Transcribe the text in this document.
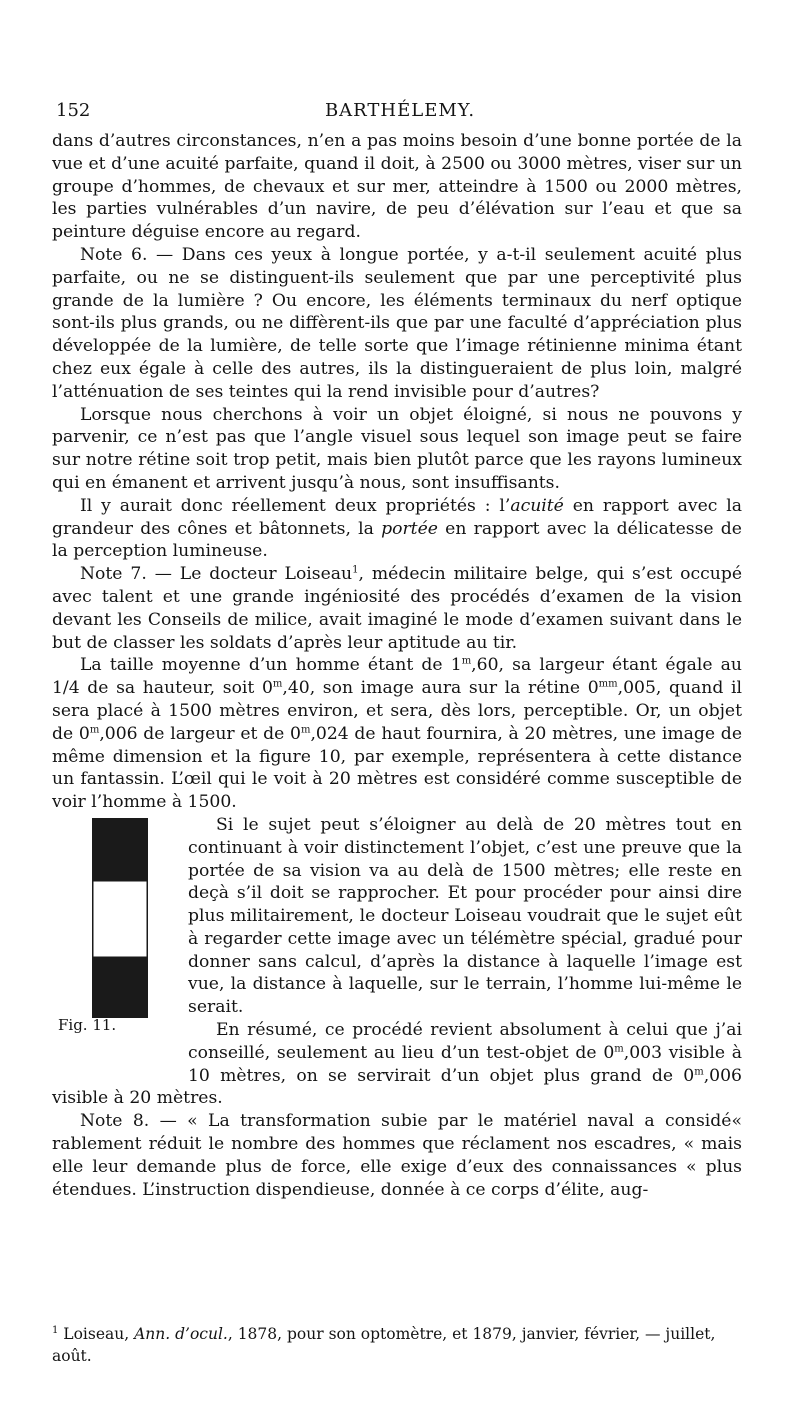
152	BARTHÉLEMY.

dans d’autres circonstances, n’en a pas moins besoin d’une bonne portée de la vue et d’une acuité parfaite, quand il doit, à 2500 ou 3000 mètres, viser sur un groupe d’hommes, de chevaux et sur mer, atteindre à 1500 ou 2000 mètres, les parties vulnérables d’un navire, de peu d’élévation sur l’eau et que sa peinture déguise encore au regard.

Note 6. — Dans ces yeux à longue portée, y a-t-il seulement acuité plus parfaite, ou ne se distinguent-ils seulement que par une perceptivité plus grande de la lumière ? Ou encore, les éléments terminaux du nerf optique sont-ils plus grands, ou ne diffèrent-ils que par une faculté d’appréciation plus développée de la lumière, de telle sorte que l’image rétinienne minima étant chez eux égale à celle des autres, ils la distingueraient de plus loin, malgré l’atténuation de ses teintes qui la rend invisible pour d’autres?

Lorsque nous cherchons à voir un objet éloigné, si nous ne pouvons y parvenir, ce n’est pas que l’angle visuel sous lequel son image peut se faire sur notre rétine soit trop petit, mais bien plutôt parce que les rayons lumineux qui en émanent et arrivent jusqu’à nous, sont insuffisants.

Il y aurait donc réellement deux propriétés : l’acuité en rapport avec la grandeur des cônes et bâtonnets, la portée en rapport avec la délicatesse de la perception lumineuse.

Note 7. — Le docteur Loiseau$^1$, médecin militaire belge, qui s’est occupé avec talent et une grande ingéniosité des procédés d’examen de la vision devant les Conseils de milice, avait imaginé le mode d’examen suivant dans le but de classer les soldats d’après leur aptitude au tir.

La taille moyenne d’un homme étant de 1$^m$,60, sa largeur étant égale au 1/4 de sa hauteur, soit 0$^m$,40, son image aura sur la rétine $0^{mm},005$, quand il sera placé à 1500 mètres environ, et sera, dès lors, perceptible. Or, un objet de 0$^m$,006 de largeur et de 0$^m$,024 de haut fournira, à 20 mètres, une image de même dimension et la figure 10, par exemple, représentera à cette distance un fantassin. L’œil qui le voit à 20 mètres est considéré comme susceptible de voir l’homme à 1500.

Fig. 11.

Si le sujet peut s’éloigner au delà de 20 mètres tout en continuant à voir distinctement l’objet, c’est une preuve que la portée de sa vision va au delà de 1500 mètres; elle reste en deçà s’il doit se rapprocher. Et pour procéder pour ainsi dire plus militairement, le docteur Loiseau voudrait que le sujet eût à regarder cette image avec un télémètre spécial, gradué pour donner sans calcul, d’après la distance à laquelle l’image est vue, la distance à laquelle, sur le terrain, l’homme lui-même le serait.

En résumé, ce procédé revient absolument à celui que j’ai conseillé, seulement au lieu d’un test-objet de 0$^m$,003 visible à 10 mètres, on se servirait d’un objet plus grand de 0$^m$,006 visible à 20 mètres.

Note 8. — « La transformation subie par le matériel naval a considé« rablement réduit le nombre des hommes que réclament nos escadres, « mais elle leur demande plus de force, elle exige d’eux des connaissances « plus étendues. L’instruction dispendieuse, donnée à ce corps d’élite, aug-

$^1$ Loiseau, Ann. d’ocul., 1878, pour son optomètre, et 1879, janvier, février, — juillet, août.
